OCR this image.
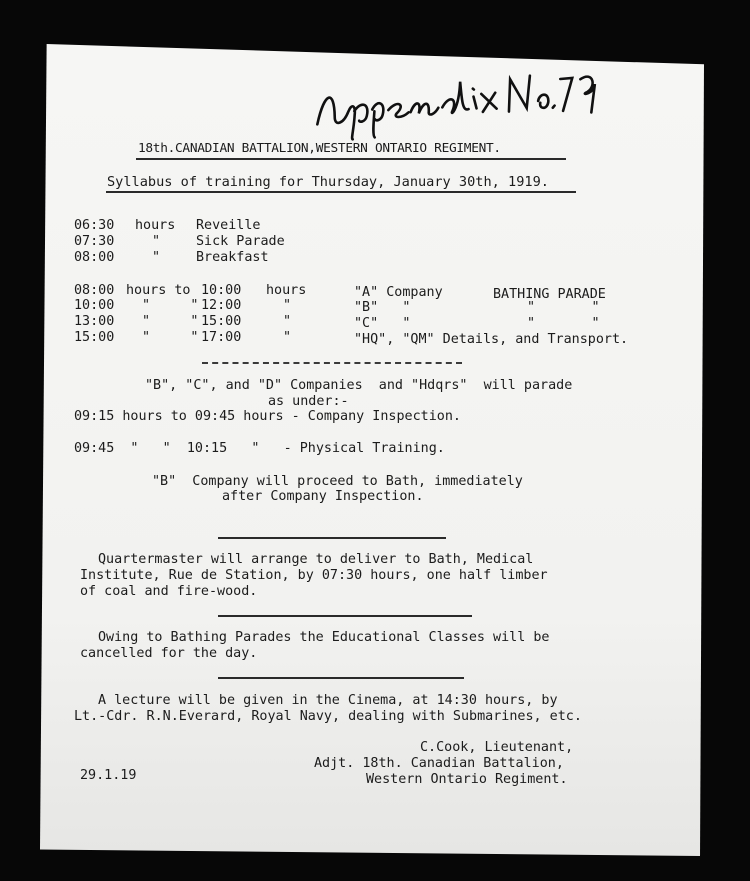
18th.CANADIAN BATTALION,WESTERN ONTARIO REGIMENT.
Syllabus of training for Thursday, January 30th, 1919.
06:30 hours Reveille
07:30	"	Sick Parade
08:00	"	Breakfast
08:00 hours to 10:00 hours	"A" Company	BATHING PARADE
10:00 "     " 12:00	"	"B"   "	"       "
13:00 "     " 15:00	"	"C"   "	"       "
15:00 "     " 17:00	"	"HQ", "QM" Details, and Transport.
"B", "C", and "D" Companies  and "Hdqrs"  will parade
as under:-
09:15 hours to 09:45 hours - Company Inspection.
09:45  "   "  10:15   "   - Physical Training.
"B"  Company will proceed to Bath, immediately
after Company Inspection.
Quartermaster will arrange to deliver to Bath, Medical
Institute, Rue de Station, by 07:30 hours, one half limber
of coal and fire-wood.
Owing to Bathing Parades the Educational Classes will be
cancelled for the day.
A lecture will be given in the Cinema, at 14:30 hours, by
Lt.-Cdr. R.N.Everard, Royal Navy, dealing with Submarines, etc.
C.Cook, Lieutenant,
Adjt. 18th. Canadian Battalion,
Western Ontario Regiment.
29.1.19
